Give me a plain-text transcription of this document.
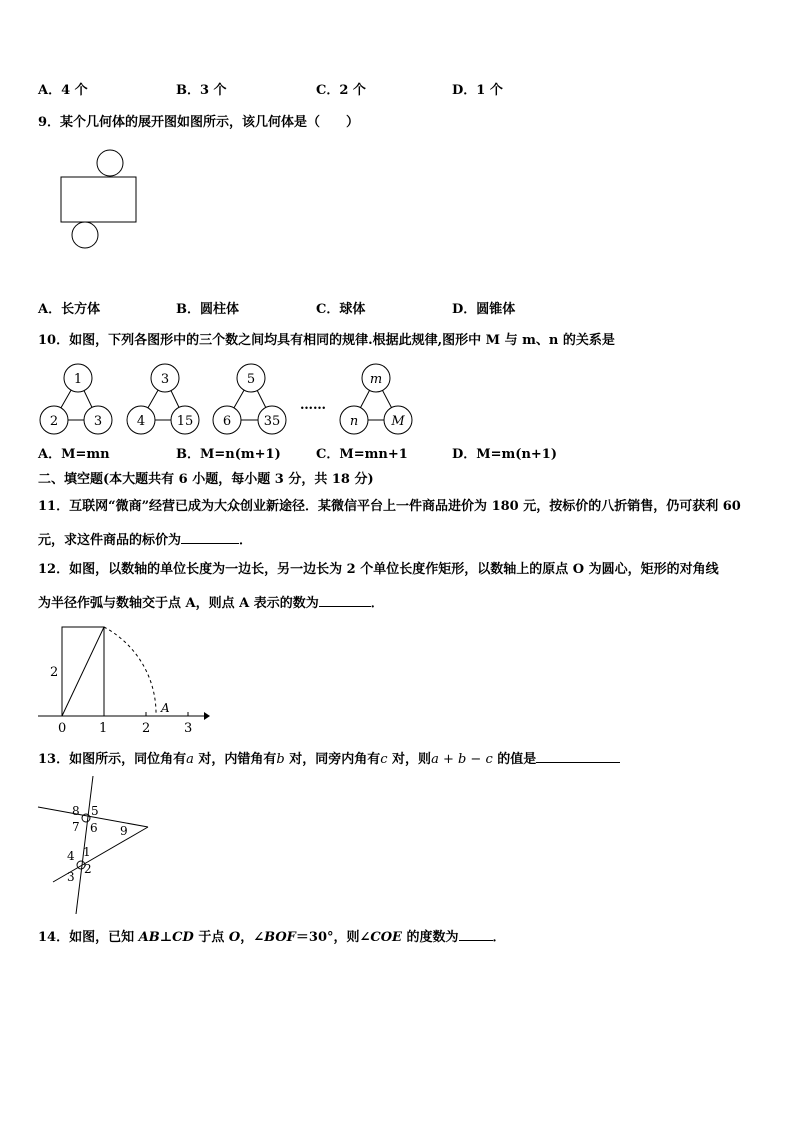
A．4 个	B．3 个	C．2 个	D．1 个
9．某个几何体的展开图如图所示，该几何体是（　　）
A．长方体	B．圆柱体	C．球体	D．圆锥体
10．如图，下列各图形中的三个数之间均具有相同的规律.根据此规律,图形中 M 与 m、n 的关系是
1
2	3
3
4 15
5
6	35
……
m
n	M
A．M=mn	B．M=n(m+1)	C．M=mn+1	D．M=m(n+1)
二、填空题(本大题共有 6 小题，每小题 3 分，共 18 分)
11．互联网“微商”经营已成为大众创业新途径．某微信平台上一件商品进价为 180 元，按标价的八折销售，仍可获利 60
元，求这件商品的标价为	．
12．如图，以数轴的单位长度为一边长，另一边长为 2 个单位长度作矩形，以数轴上的原点 O 为圆心，矩形的对角线
为半径作弧与数轴交于点 A，则点 A 表示的数为	．
2
0	1	2	3
A
13．如图所示，同位角有a 对，内错角有b 对，同旁内角有c 对，则a + b − c 的值是
8 5
7 6 9
4 1
3
2
14．如图，已知 AB⊥CD 于点 O，∠BOF＝30°，则∠COE 的度数为	．
